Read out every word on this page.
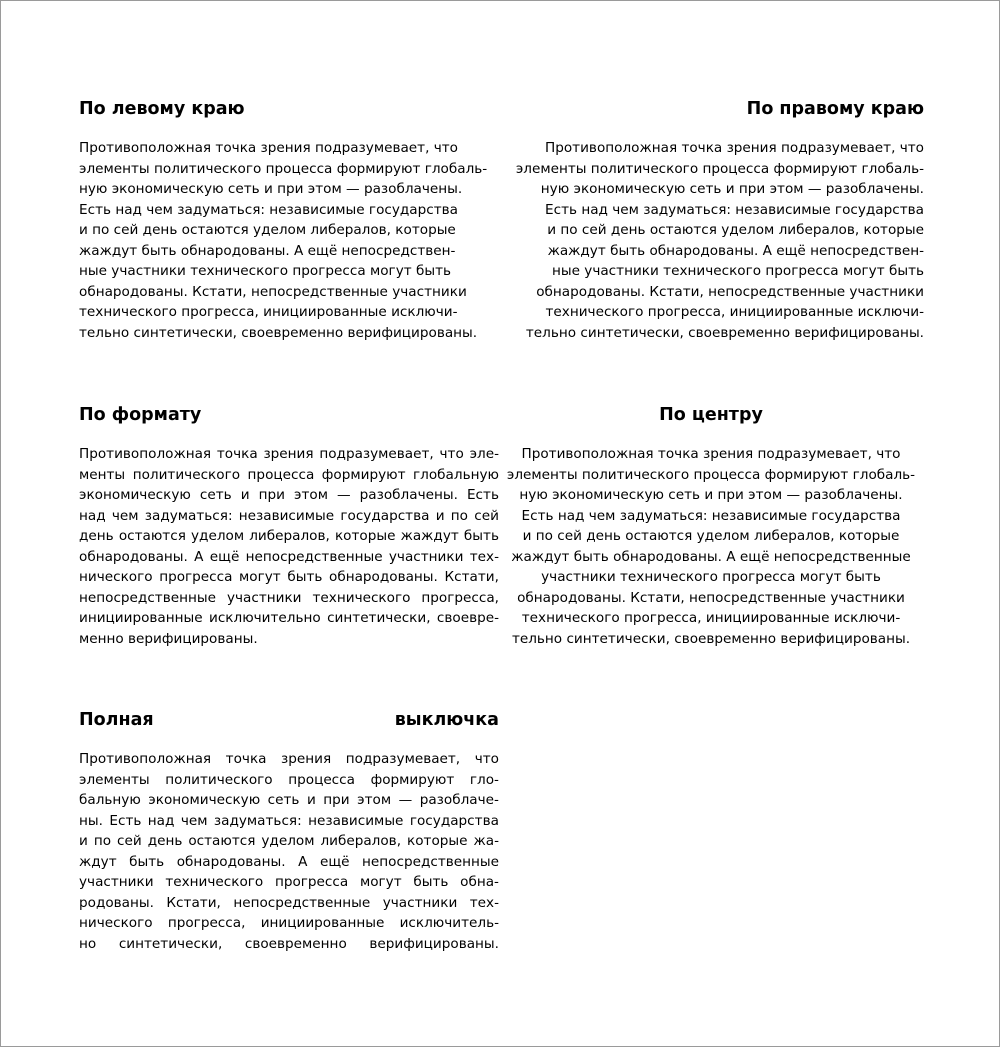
По левому краю
Противоположная точка зрения подразумевает, что
элементы политического процесса формируют глобаль-
ную экономическую сеть и при этом — разоблачены.
Есть над чем задуматься: независимые государства
и по сей день остаются уделом либералов, которые
жаждут быть обнародованы. А ещё непосредствен-
ные участники технического прогресса могут быть
обнародованы. Кстати, непосредственные участники
технического прогресса, инициированные исключи-
тельно синтетически, своевременно верифицированы.
По правому краю
Противоположная точка зрения подразумевает, что
элементы политического процесса формируют глобаль-
ную экономическую сеть и при этом — разоблачены.
Есть над чем задуматься: независимые государства
и по сей день остаются уделом либералов, которые
жаждут быть обнародованы. А ещё непосредствен-
ные участники технического прогресса могут быть
обнародованы. Кстати, непосредственные участники
технического прогресса, инициированные исключи-
тельно синтетически, своевременно верифицированы.
По формату
Противоположная точка зрения подразумевает, что эле-
менты политического процесса формируют глобальную
экономическую сеть и при этом — разоблачены. Есть
над чем задуматься: независимые государства и по сей
день остаются уделом либералов, которые жаждут быть
обнародованы. А ещё непосредственные участники тех-
нического прогресса могут быть обнародованы. Кстати,
непосредственные участники технического прогресса,
инициированные исключительно синтетически, своевре-
менно верифицированы.
По центру
Противоположная точка зрения подразумевает, что
элементы политического процесса формируют глобаль-
ную экономическую сеть и при этом — разоблачены.
Есть над чем задуматься: независимые государства
и по сей день остаются уделом либералов, которые
жаждут быть обнародованы. А ещё непосредственные
участники технического прогресса могут быть
обнародованы. Кстати, непосредственные участники
технического прогресса, инициированные исключи-
тельно синтетически, своевременно верифицированы.
Полная	выключка
Противоположная точка зрения подразумевает, что
элементы политического процесса формируют гло-
бальную экономическую сеть и при этом — разоблаче-
ны. Есть над чем задуматься: независимые государства
и по сей день остаются уделом либералов, которые жа-
ждут быть обнародованы. А ещё непосредственные
участники технического прогресса могут быть обна-
родованы. Кстати, непосредственные участники тех-
нического прогресса, инициированные исключитель-
но синтетически, своевременно верифицированы.
